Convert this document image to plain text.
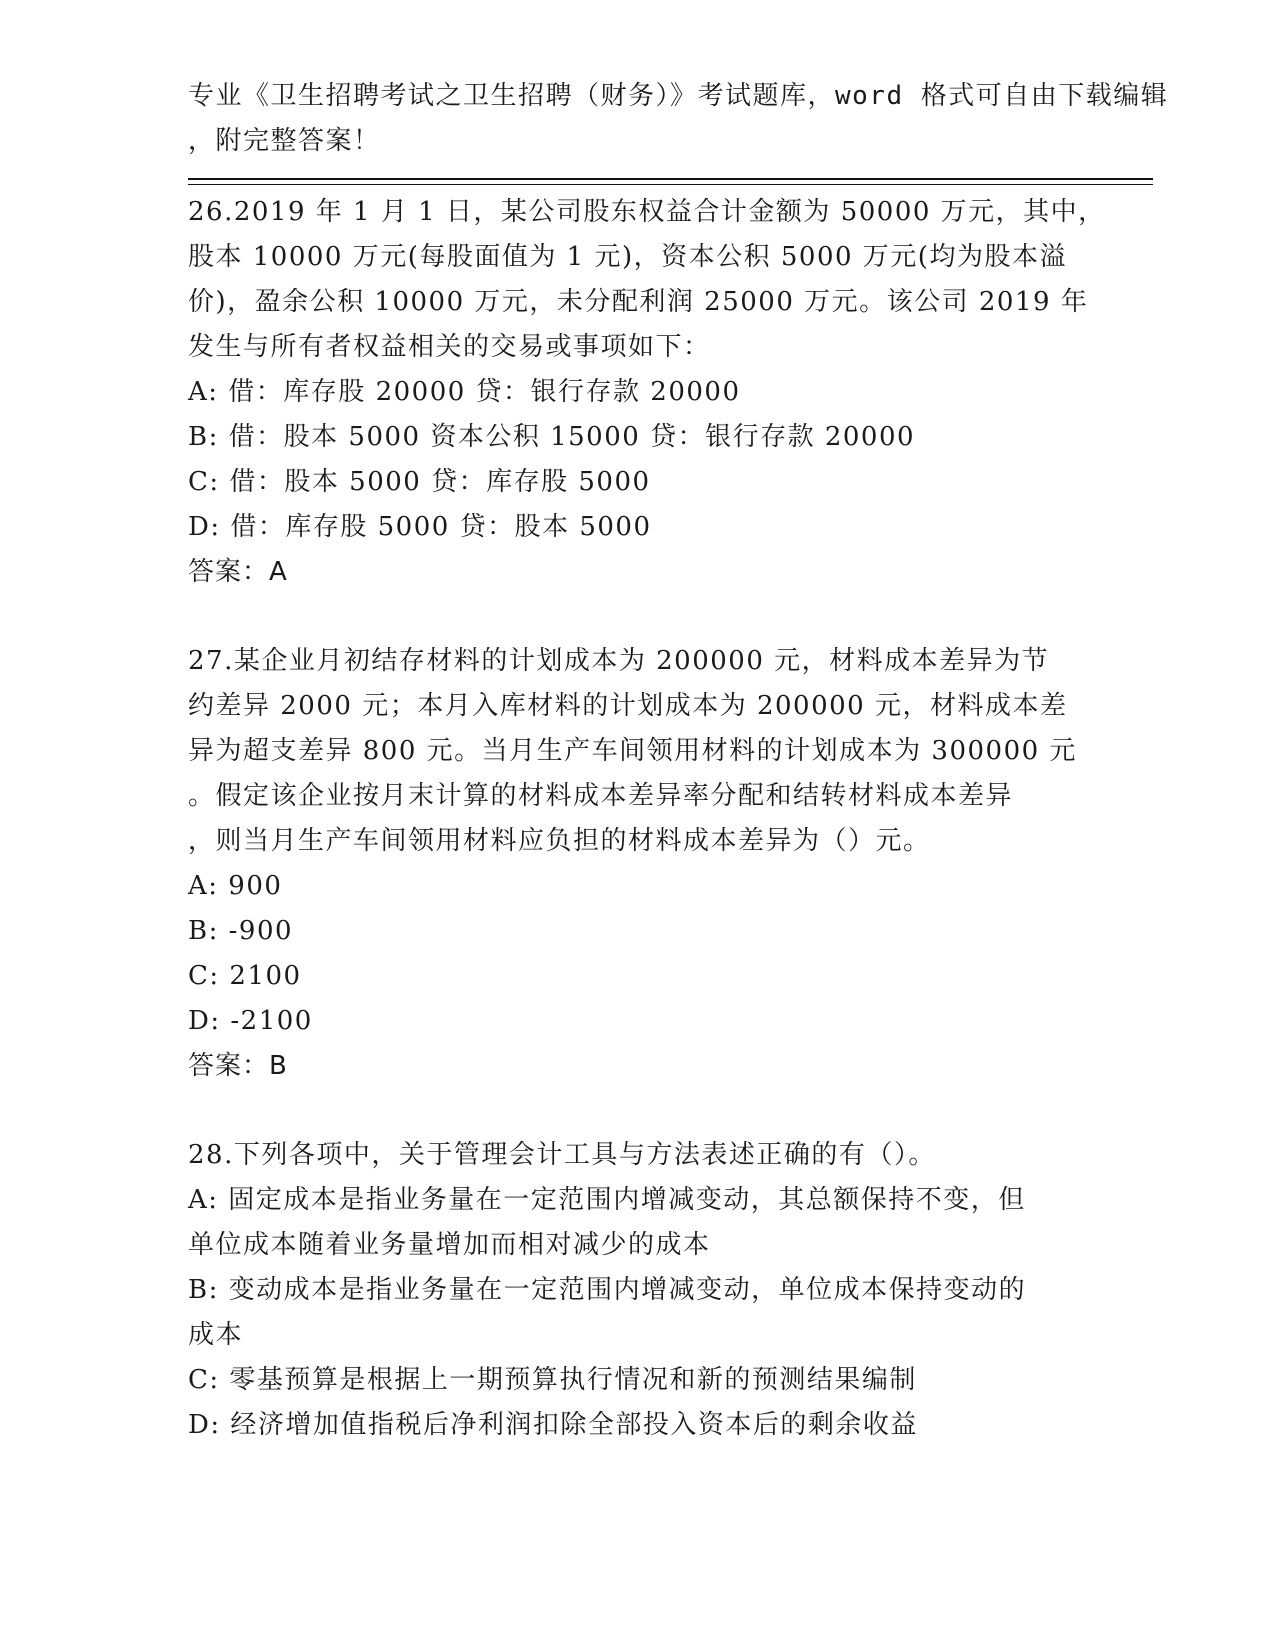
专业《卫生招聘考试之卫生招聘（财务）》考试题库，word 格式可自由下载编辑
，附完整答案！
26.2019 年 1 月 1 日，某公司股东权益合计金额为 50000 万元，其中，
股本 10000 万元(每股面值为 1 元)，资本公积 5000 万元(均为股本溢
价)，盈余公积 10000 万元，未分配利润 25000 万元。该公司 2019 年
发生与所有者权益相关的交易或事项如下：
A: 借：库存股 20000 贷：银行存款 20000
B: 借：股本 5000 资本公积 15000 贷：银行存款 20000
C: 借：股本 5000 贷：库存股 5000
D: 借：库存股 5000 贷：股本 5000
答案：A
27.某企业月初结存材料的计划成本为 200000 元，材料成本差异为节
约差异 2000 元；本月入库材料的计划成本为 200000 元，材料成本差
异为超支差异 800 元。当月生产车间领用材料的计划成本为 300000 元
。假定该企业按月末计算的材料成本差异率分配和结转材料成本差异
，则当月生产车间领用材料应负担的材料成本差异为（）元。
A: 900
B: -900
C: 2100
D: -2100
答案：B
28.下列各项中，关于管理会计工具与方法表述正确的有（）。
A: 固定成本是指业务量在一定范围内增减变动，其总额保持不变，但
单位成本随着业务量增加而相对减少的成本
B: 变动成本是指业务量在一定范围内增减变动，单位成本保持变动的
成本
C: 零基预算是根据上一期预算执行情况和新的预测结果编制
D: 经济增加值指税后净利润扣除全部投入资本后的剩余收益
